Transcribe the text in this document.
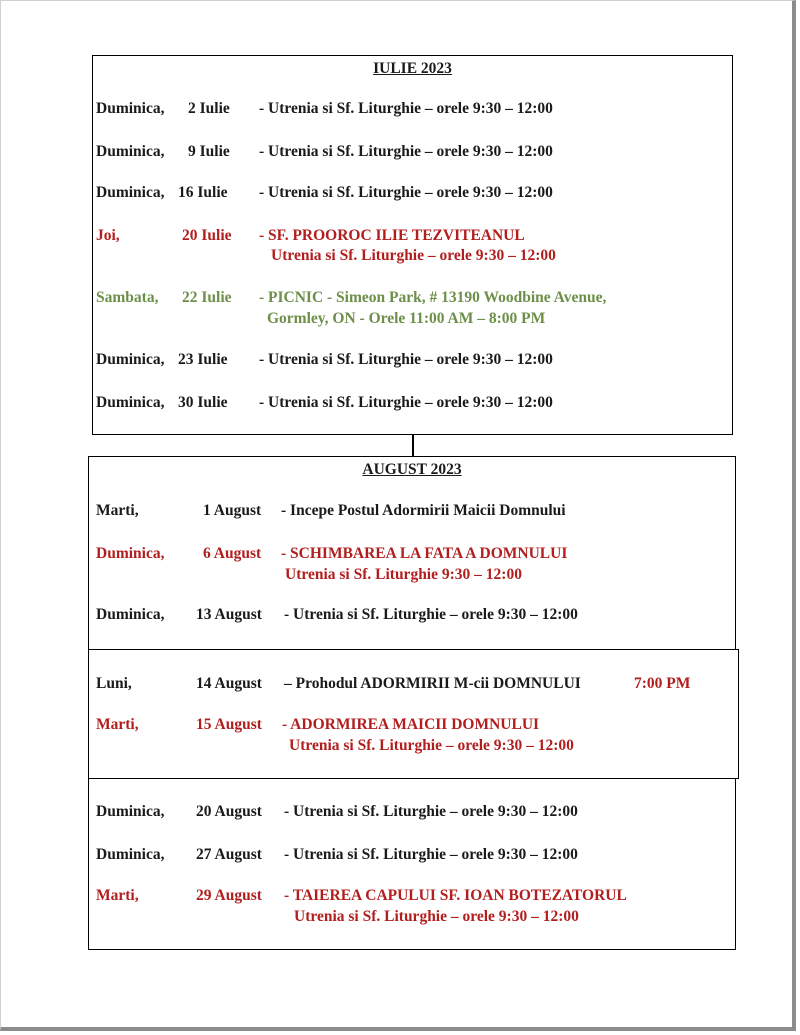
IULIE 2023
Duminica, 2 Iulie - Utrenia si Sf. Liturghie – orele 9:30 – 12:00
Duminica, 9 Iulie - Utrenia si Sf. Liturghie – orele 9:30 – 12:00
Duminica, 16 Iulie - Utrenia si Sf. Liturghie – orele 9:30 – 12:00
Joi,	20 Iulie - SF. PROOROC ILIE TEZVITEANUL
Utrenia si Sf. Liturghie – orele 9:30 – 12:00
Sambata, 22 Iulie - PICNIC - Simeon Park, # 13190 Woodbine Avenue,
Gormley, ON - Orele 11:00 AM – 8:00 PM
Duminica, 23 Iulie - Utrenia si Sf. Liturghie – orele 9:30 – 12:00
Duminica, 30 Iulie - Utrenia si Sf. Liturghie – orele 9:30 – 12:00
AUGUST 2023
Marti,	1 August - Incepe Postul Adormirii Maicii Domnului
Duminica, 6 August - SCHIMBAREA LA FATA A DOMNULUI
Utrenia si Sf. Liturghie 9:30 – 12:00
Duminica, 13 August - Utrenia si Sf. Liturghie – orele 9:30 – 12:00
Luni,	14 August – Prohodul ADORMIRII M-cii DOMNULUI	7:00 PM
Marti,	15 August - ADORMIREA MAICII DOMNULUI
Utrenia si Sf. Liturghie – orele 9:30 – 12:00
Duminica, 20 August - Utrenia si Sf. Liturghie – orele 9:30 – 12:00
Duminica, 27 August - Utrenia si Sf. Liturghie – orele 9:30 – 12:00
Marti,	29 August - TAIEREA CAPULUI SF. IOAN BOTEZATORUL
Utrenia si Sf. Liturghie – orele 9:30 – 12:00
